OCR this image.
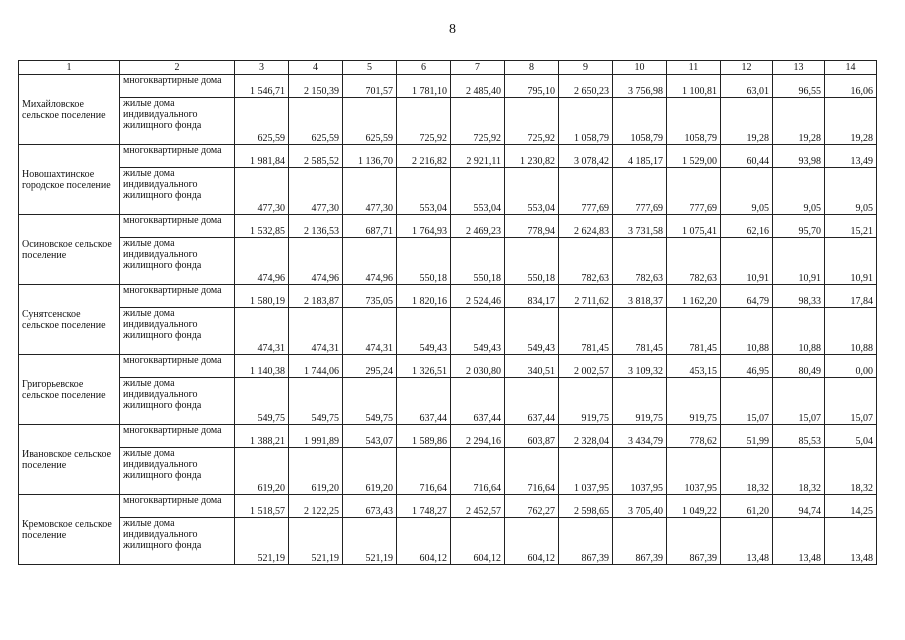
8
1	2	3	4	5	6	7	8	9	10	11	12	13	14
Михайловское сельское поселение	многоквартирные дома	1 546,71	2 150,39	701,57	1 781,10	2 485,40	795,10	2 650,23	3 756,98	1 100,81	63,01	96,55	16,06
	жилые дома индивидуального жилищного фонда	625,59	625,59	625,59	725,92	725,92	725,92	1 058,79	1058,79	1058,79	19,28	19,28	19,28
Новошахтинское городское поселение	многоквартирные дома	1 981,84	2 585,52	1 136,70	2 216,82	2 921,11	1 230,82	3 078,42	4 185,17	1 529,00	60,44	93,98	13,49
	жилые дома индивидуального жилищного фонда	477,30	477,30	477,30	553,04	553,04	553,04	777,69	777,69	777,69	9,05	9,05	9,05
Осиновское сельское поселение	многоквартирные дома	1 532,85	2 136,53	687,71	1 764,93	2 469,23	778,94	2 624,83	3 731,58	1 075,41	62,16	95,70	15,21
	жилые дома индивидуального жилищного фонда	474,96	474,96	474,96	550,18	550,18	550,18	782,63	782,63	782,63	10,91	10,91	10,91
Сунятсенское сельское поселение	многоквартирные дома	1 580,19	2 183,87	735,05	1 820,16	2 524,46	834,17	2 711,62	3 818,37	1 162,20	64,79	98,33	17,84
	жилые дома индивидуального жилищного фонда	474,31	474,31	474,31	549,43	549,43	549,43	781,45	781,45	781,45	10,88	10,88	10,88
Григорьевское сельское поселение	многоквартирные дома	1 140,38	1 744,06	295,24	1 326,51	2 030,80	340,51	2 002,57	3 109,32	453,15	46,95	80,49	0,00
	жилые дома индивидуального жилищного фонда	549,75	549,75	549,75	637,44	637,44	637,44	919,75	919,75	919,75	15,07	15,07	15,07
Ивановское сельское поселение	многоквартирные дома	1 388,21	1 991,89	543,07	1 589,86	2 294,16	603,87	2 328,04	3 434,79	778,62	51,99	85,53	5,04
	жилые дома индивидуального жилищного фонда	619,20	619,20	619,20	716,64	716,64	716,64	1 037,95	1037,95	1037,95	18,32	18,32	18,32
Кремовское сельское поселение	многоквартирные дома	1 518,57	2 122,25	673,43	1 748,27	2 452,57	762,27	2 598,65	3 705,40	1 049,22	61,20	94,74	14,25
	жилые дома индивидуального жилищного фонда	521,19	521,19	521,19	604,12	604,12	604,12	867,39	867,39	867,39	13,48	13,48	13,48
